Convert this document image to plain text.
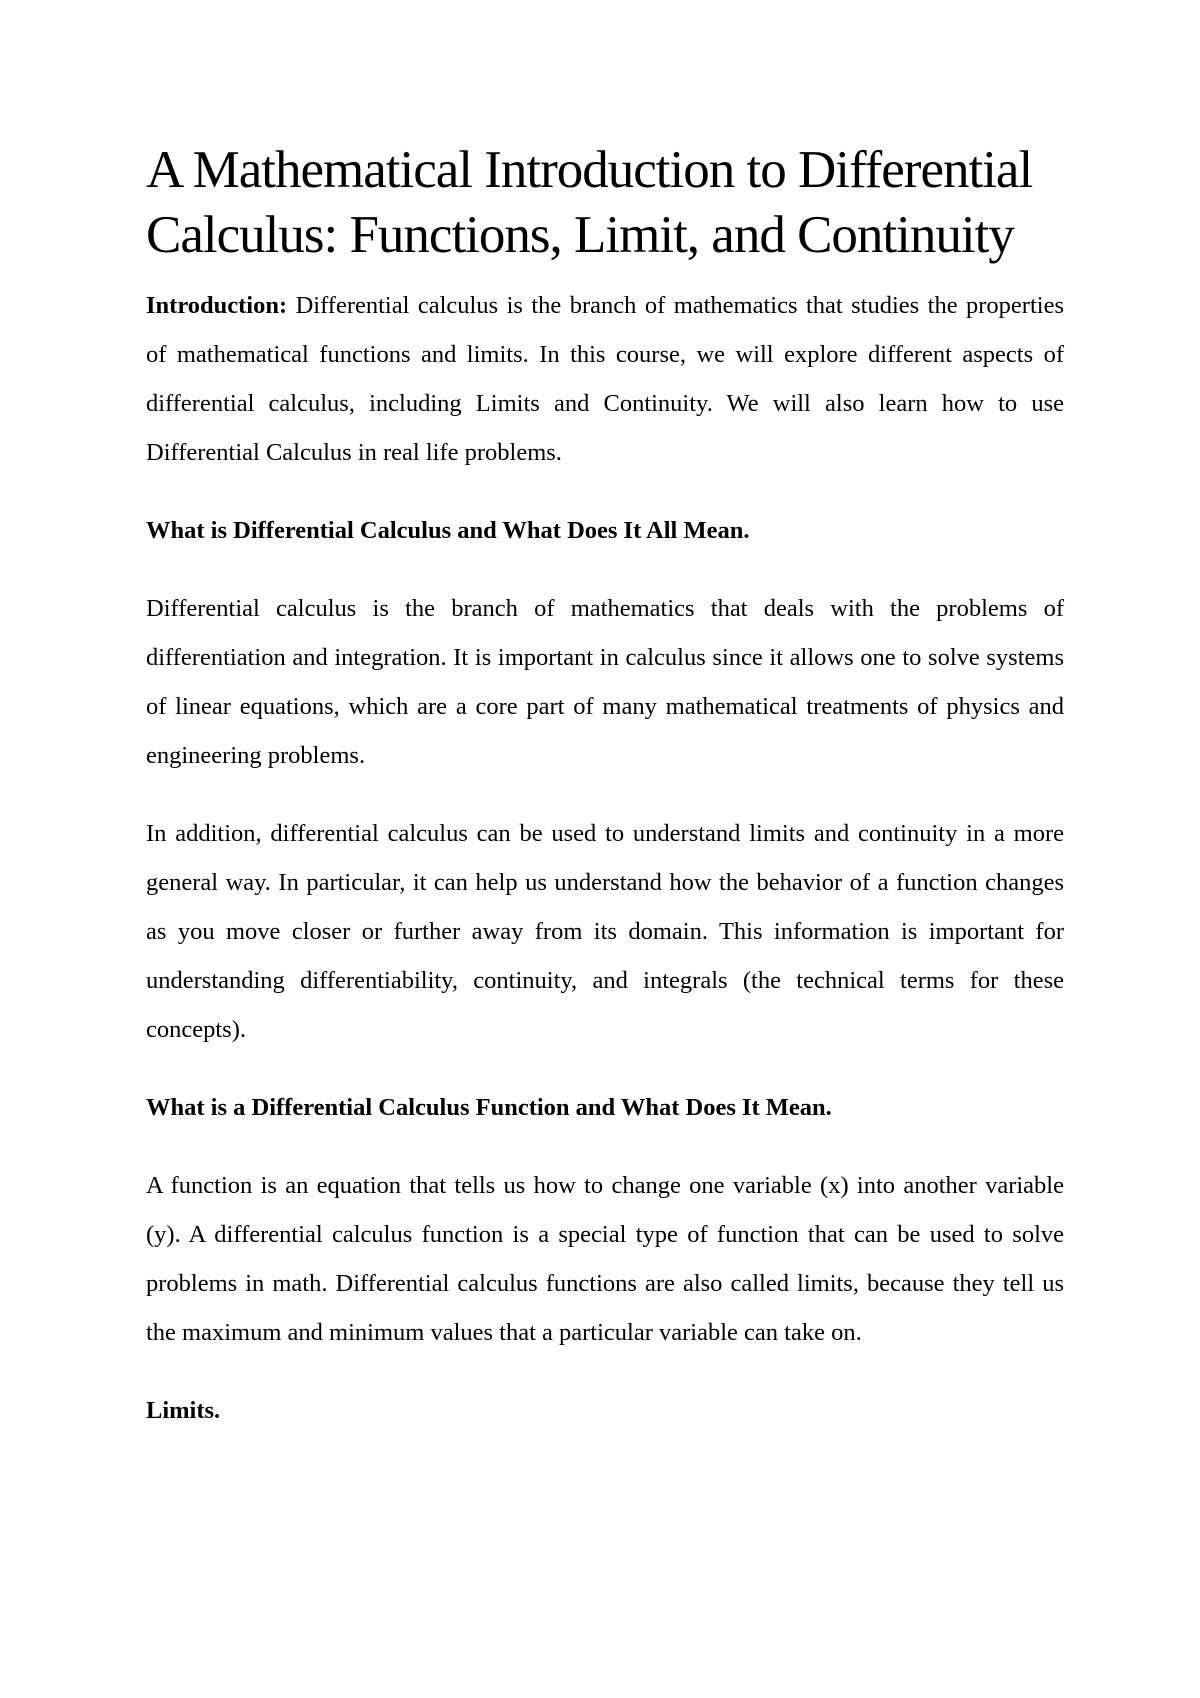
A Mathematical Introduction to Differential Calculus: Functions, Limit, and Continuity

Introduction: Differential calculus is the branch of mathematics that studies the properties of mathematical functions and limits. In this course, we will explore different aspects of differential calculus, including Limits and Continuity. We will also learn how to use Differential Calculus in real life problems.

What is Differential Calculus and What Does It All Mean.

Differential calculus is the branch of mathematics that deals with the problems of differentiation and integration. It is important in calculus since it allows one to solve systems of linear equations, which are a core part of many mathematical treatments of physics and engineering problems.

In addition, differential calculus can be used to understand limits and continuity in a more general way. In particular, it can help us understand how the behavior of a function changes as you move closer or further away from its domain. This information is important for understanding differentiability, continuity, and integrals (the technical terms for these concepts).

What is a Differential Calculus Function and What Does It Mean.

A function is an equation that tells us how to change one variable (x) into another variable (y). A differential calculus function is a special type of function that can be used to solve problems in math. Differential calculus functions are also called limits, because they tell us the maximum and minimum values that a particular variable can take on.

Limits.
